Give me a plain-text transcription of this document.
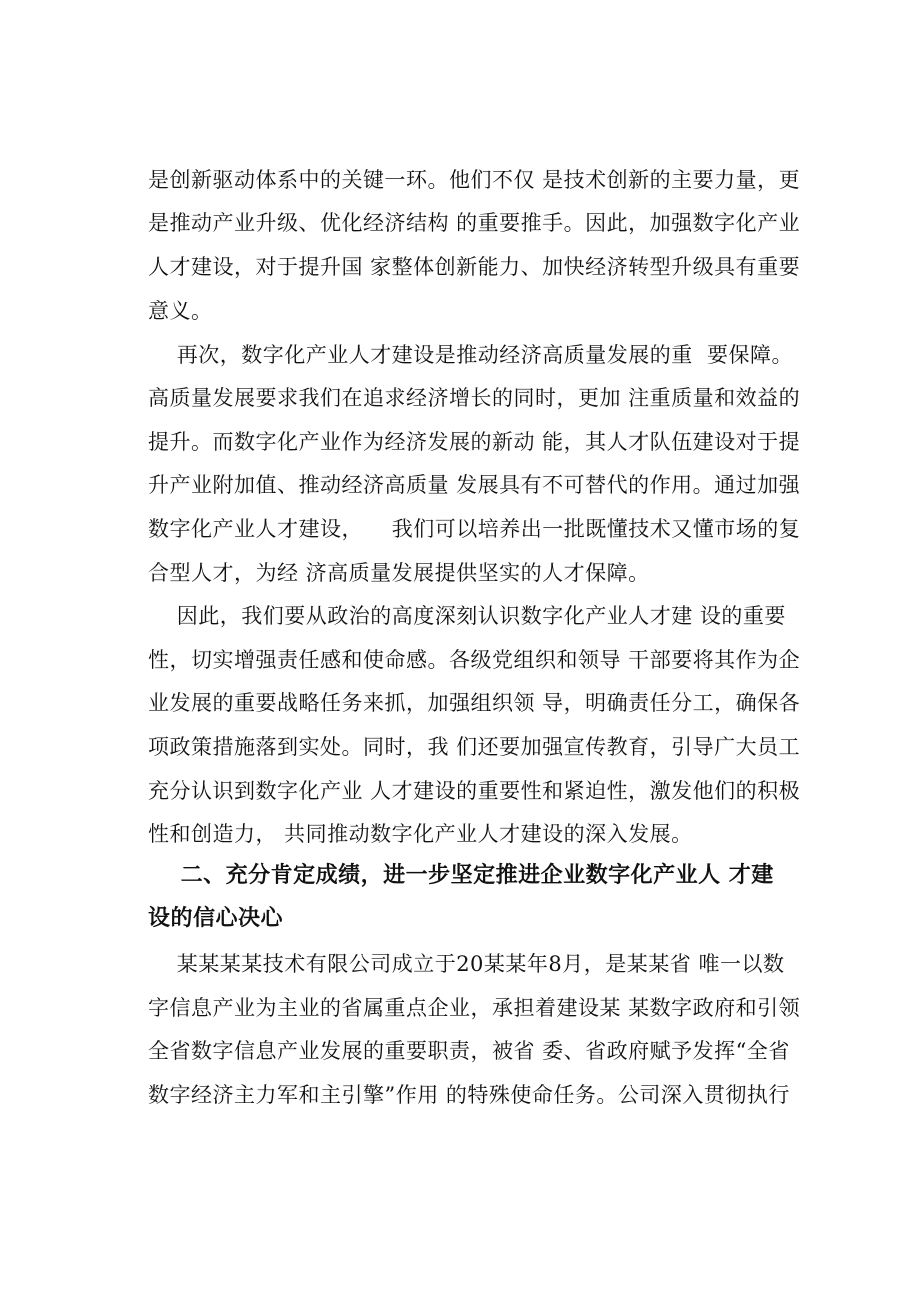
是创新驱动体系中的关键一环。他们不仅 是技术创新的主要力量，更
是推动产业升级、优化经济结构 的重要推手。因此，加强数字化产业
人才建设，对于提升国 家整体创新能力、加快经济转型升级具有重要
意义。
再次，数字化产业人才建设是推动经济高质量发展的重  要保障。
高质量发展要求我们在追求经济增长的同时，更加 注重质量和效益的
提升。而数字化产业作为经济发展的新动 能，其人才队伍建设对于提
升产业附加值、推动经济高质量 发展具有不可替代的作用。通过加强
数字化产业人才建设，    我们可以培养出一批既懂技术又懂市场的复
合型人才，为经 济高质量发展提供坚实的人才保障。
因此，我们要从政治的高度深刻认识数字化产业人才建 设的重要
性，切实增强责任感和使命感。各级党组织和领导 干部要将其作为企
业发展的重要战略任务来抓，加强组织领 导，明确责任分工，确保各
项政策措施落到实处。同时，我 们还要加强宣传教育，引导广大员工
充分认识到数字化产业 人才建设的重要性和紧迫性，激发他们的积极
性和创造力， 共同推动数字化产业人才建设的深入发展。
二、充分肯定成绩，进一步坚定推进企业数字化产业人 才建
设的信心决心
某某某某技术有限公司成立于20某某年8月，是某某省 唯一以数
字信息产业为主业的省属重点企业，承担着建设某 某数字政府和引领
全省数字信息产业发展的重要职责，被省 委、省政府赋予发挥“全省
数字经济主力军和主引擎”作用 的特殊使命任务。公司深入贯彻执行
